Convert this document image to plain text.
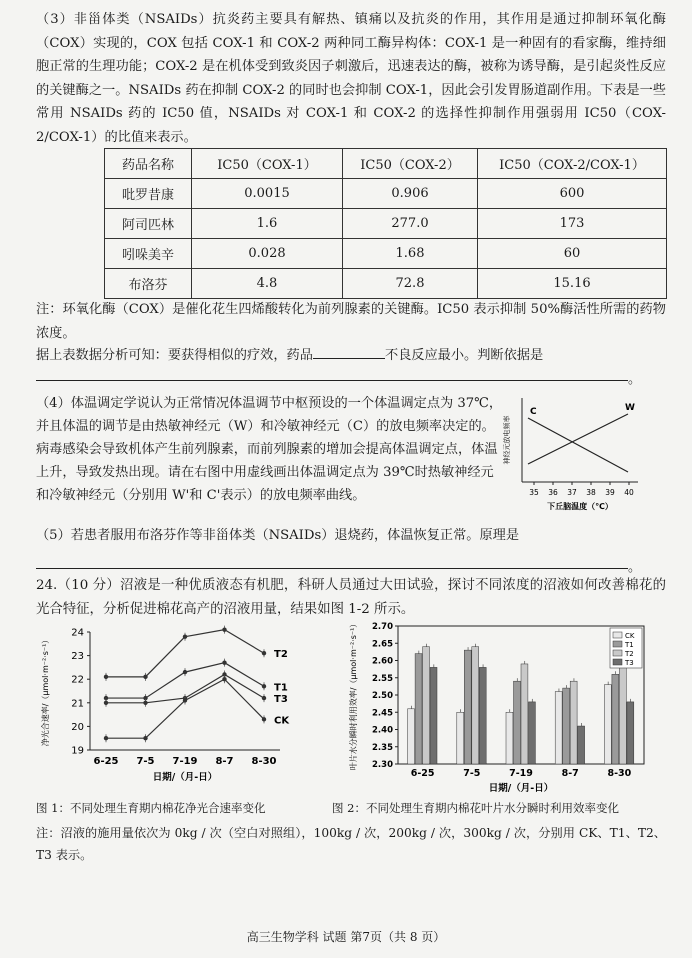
（3）非甾体类（NSAIDs）抗炎药主要具有解热、镇痛以及抗炎的作用，其作用是通过抑制环氧化酶（COX）实现的，COX 包括 COX-1 和 COX-2 两种同工酶异构体：COX-1 是一种固有的看家酶，维持细胞正常的生理功能；COX-2 是在机体受到致炎因子刺激后，迅速表达的酶，被称为诱导酶，是引起炎性反应的关键酶之一。NSAIDs 药在抑制 COX-2 的同时也会抑制 COX-1，因此会引发胃肠道副作用。下表是一些常用 NSAIDs 药的 IC50 值，NSAIDs 对 COX-1 和 COX-2 的选择性抑制作用强弱用 IC50（COX-2/COX-1）的比值来表示。
药品名称	IC50（COX-1）	IC50（COX-2）	IC50（COX-2/COX-1）
吡罗昔康	0.0015	0.906	600
阿司匹林	1.6	277.0	173
吲哚美辛	0.028	1.68	60
布洛芬	4.8	72.8	15.16
注：环氧化酶（COX）是催化花生四烯酸转化为前列腺素的关键酶。IC50 表示抑制 50%酶活性所需的药物浓度。
据上表数据分析可知：要获得相似的疗效，药品	不良反应最小。判断依据是
。
（4）体温调定学说认为正常情况体温调节中枢预设的一个体温调定点为 37℃，并且体温的调节是由热敏神经元（W）和冷敏神经元（C）的放电频率决定的。病毒感染会导致机体产生前列腺素，而前列腺素的增加会提高体温调定点，体温上升，导致发热出现。请在右图中用虚线画出体温调定点为 39℃时热敏神经元和冷敏神经元（分别用 W'和 C'表示）的放电频率曲线。
C	W
神经元放电频率
35 36 37 38 39 40
下丘脑温度（℃）
（5）若患者服用布洛芬作等非甾体类（NSAIDs）退烧药，体温恢复正常。原理是
。
24.（10 分）沼液是一种优质液态有机肥，科研人员通过大田试验，探讨不同浓度的沼液如何改善棉花的光合特征，分析促进棉花高产的沼液用量，结果如图 1-2 所示。
19
20
21
22
23
24
6-25 7-5 7-19 8-7 8-30
T2
T1
T3
CK
净光合速率/（μmol·m⁻²·s⁻¹）
日期/（月-日）
2.30
2.35
2.40
2.45
2.50
2.55
2.60
2.65
2.70
6-25	7-5	7-19	8-7	8-30
CK
T1
T2
T3
叶片水分瞬时利用效率/（μmol·m⁻²·s⁻¹）
日期/（月-日）
图 1：不同处理生育期内棉花净光合速率变化	图 2：不同处理生育期内棉花叶片水分瞬时利用效率变化
注：沼液的施用量依次为 0kg / 次（空白对照组），100kg / 次，200kg / 次，300kg / 次，分别用 CK、T1、T2、T3 表示。
高三生物学科 试题 第7页（共 8 页）
